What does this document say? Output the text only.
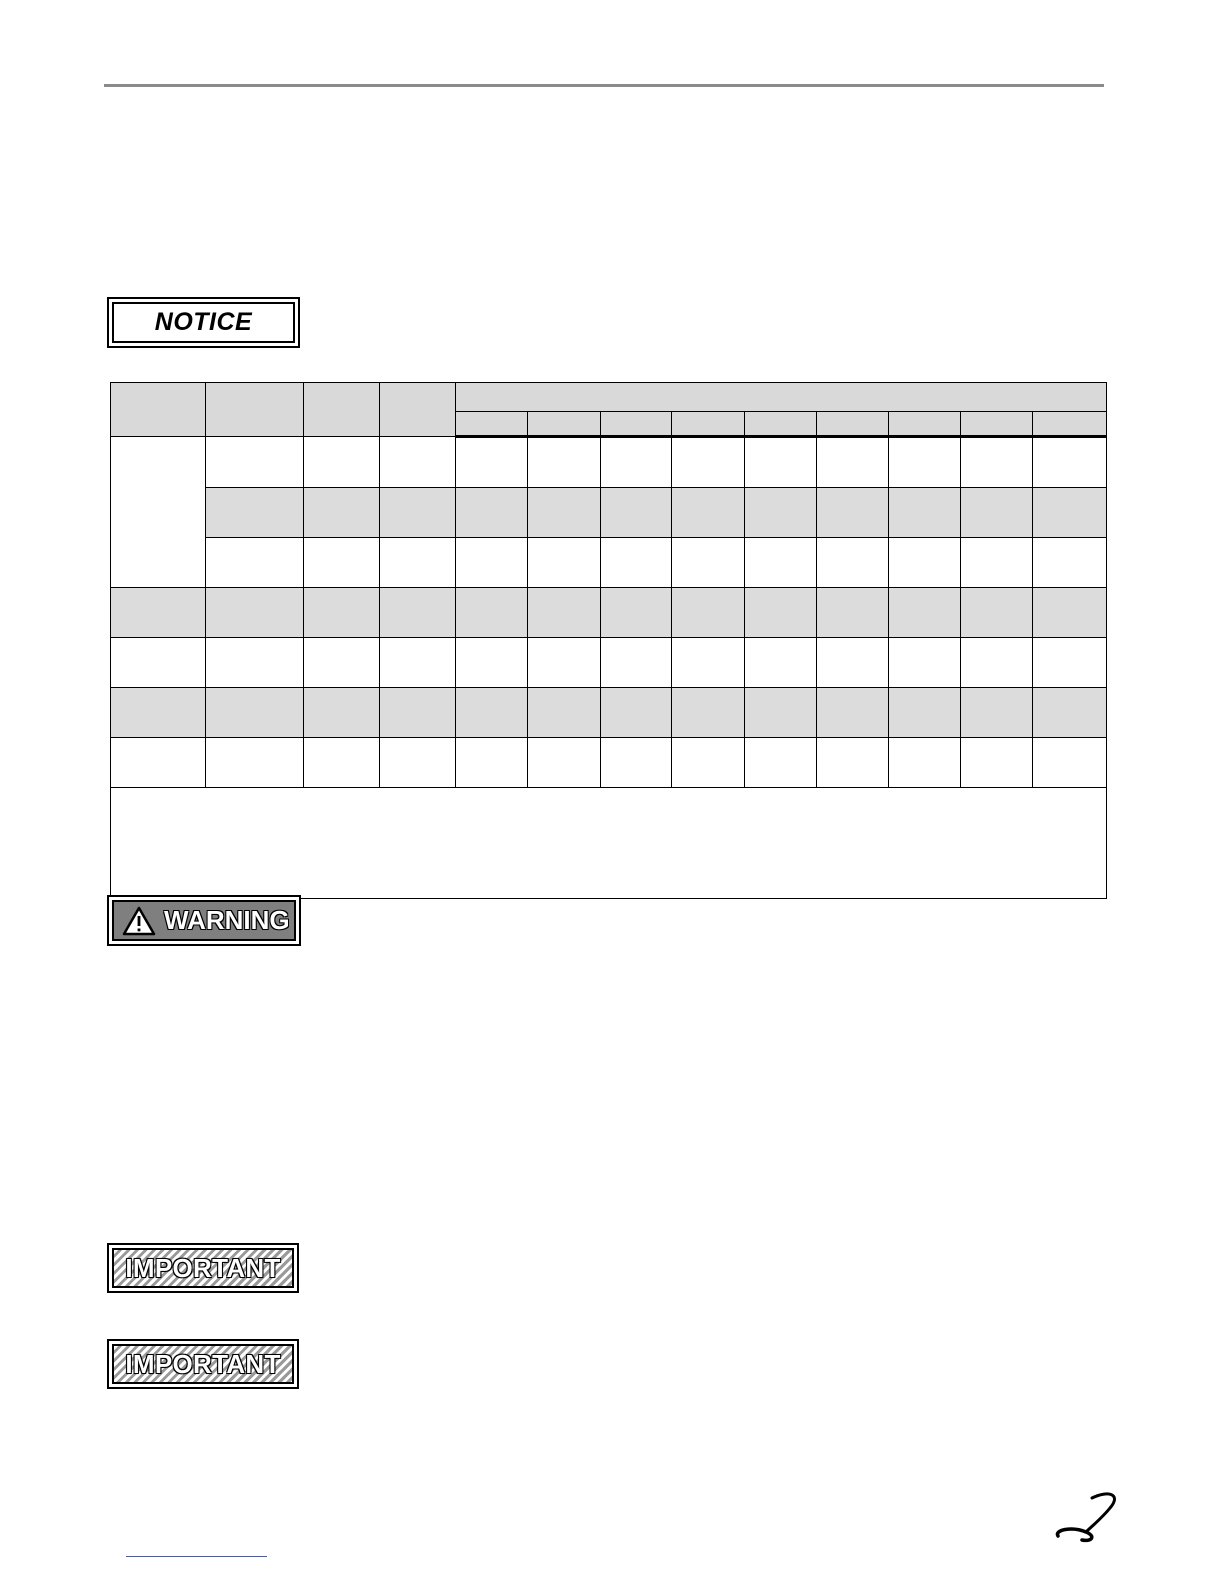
NOTICE

WARNING
IMPORTANT
IMPORTANT
